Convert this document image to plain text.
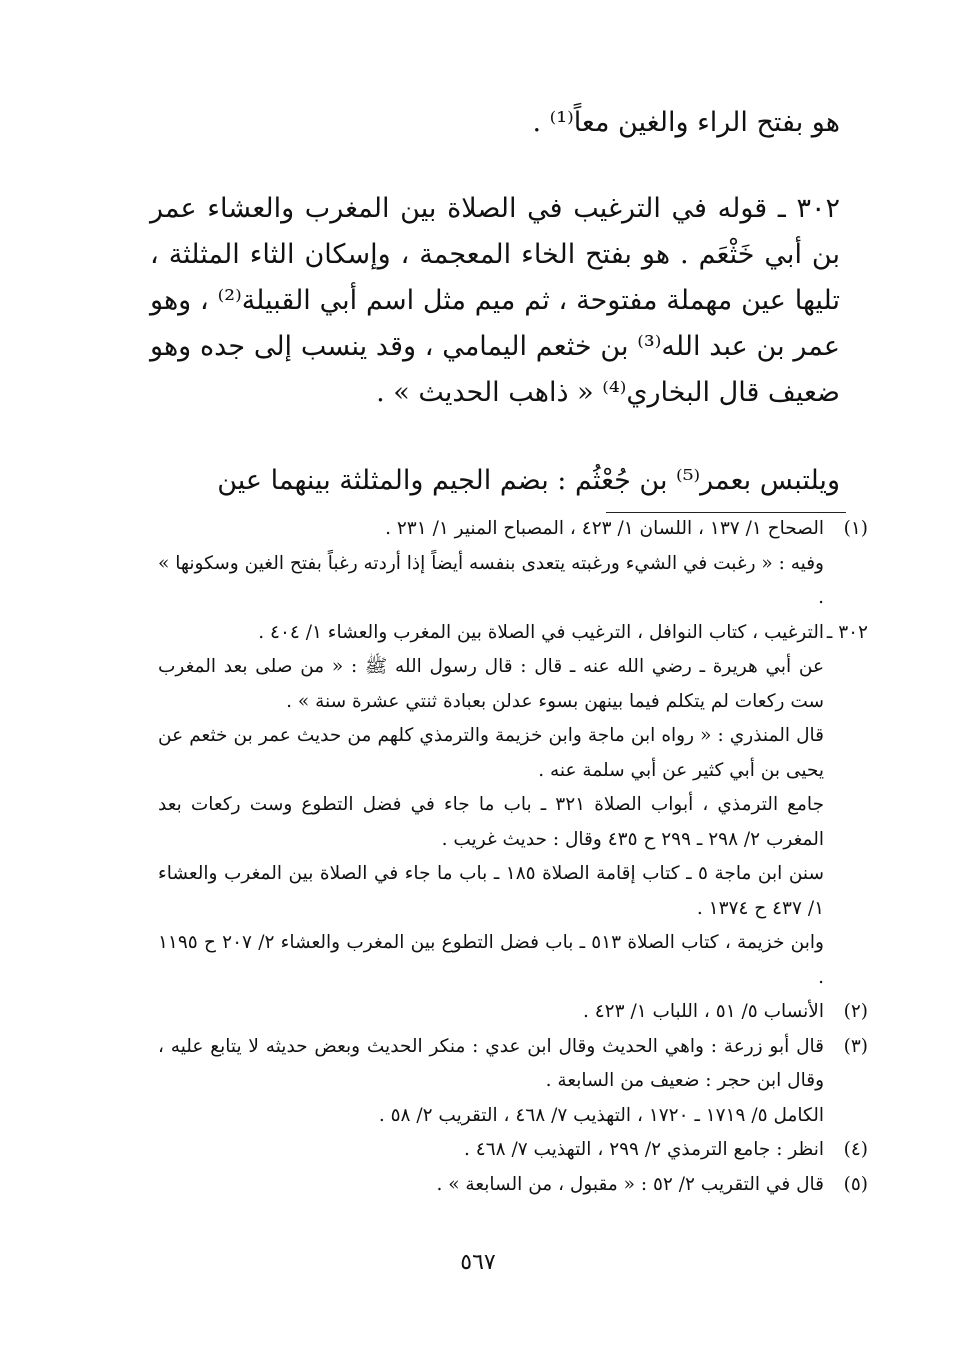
هو بفتح الراء والغين معاً⁽¹⁾ .
٣٠٢ ـ قوله في الترغيب في الصلاة بين المغرب والعشاء عمر بن أبي خَثْعَم . هو بفتح الخاء المعجمة ، وإسكان الثاء المثلثة ، تليها عين مهملة مفتوحة ، ثم ميم مثل اسم أبي القبيلة⁽²⁾ ، وهو عمر بن عبد الله⁽³⁾ بن خثعم اليمامي ، وقد ينسب إلى جده وهو ضعيف قال البخاري⁽⁴⁾ « ذاهب الحديث » .
ويلتبس بعمر⁽⁵⁾ بن جُعْثُم : بضم الجيم والمثلثة بينهما عين
(١)

الصحاح ١/ ١٣٧ ، اللسان ١/ ٤٢٣ ، المصباح المنير ١/ ٢٣١ .

وفيه : « رغبت في الشيء ورغبته يتعدى بنفسه أيضاً إذا أردته رغباً بفتح الغين وسكونها » .

٣٠٢ ـ

الترغيب ، كتاب النوافل ، الترغيب في الصلاة بين المغرب والعشاء ١/ ٤٠٤ .

عن أبي هريرة ـ رضي الله عنه ـ قال : قال رسول الله ﷺ : « من صلى بعد المغرب ست ركعات لم يتكلم فيما بينهن بسوء عدلن بعبادة ثنتي عشرة سنة » .

قال المنذري : « رواه ابن ماجة وابن خزيمة والترمذي كلهم من حديث عمر بن خثعم عن يحيى بن أبي كثير عن أبي سلمة عنه .

جامع الترمذي ، أبواب الصلاة ٣٢١ ـ باب ما جاء في فضل التطوع وست ركعات بعد المغرب ٢/ ٢٩٨ ـ ٢٩٩ ح ٤٣٥ وقال : حديث غريب .

سنن ابن ماجة ٥ ـ كتاب إقامة الصلاة ١٨٥ ـ باب ما جاء في الصلاة بين المغرب والعشاء ١/ ٤٣٧ ح ١٣٧٤ .

وابن خزيمة ، كتاب الصلاة ٥١٣ ـ باب فضل التطوع بين المغرب والعشاء ٢/ ٢٠٧ ح ١١٩٥ .

(٢)

الأنساب ٥/ ٥١ ، اللباب ١/ ٤٢٣ .

(٣)

قال أبو زرعة : واهي الحديث وقال ابن عدي : منكر الحديث وبعض حديثه لا يتابع عليه ، وقال ابن حجر : ضعيف من السابعة .

الكامل ٥/ ١٧١٩ ـ ١٧٢٠ ، التهذيب ٧/ ٤٦٨ ، التقريب ٢/ ٥٨ .

(٤)

انظر : جامع الترمذي ٢/ ٢٩٩ ، التهذيب ٧/ ٤٦٨ .

(٥)

قال في التقريب ٢/ ٥٢ : « مقبول ، من السابعة » .

٥٦٧
